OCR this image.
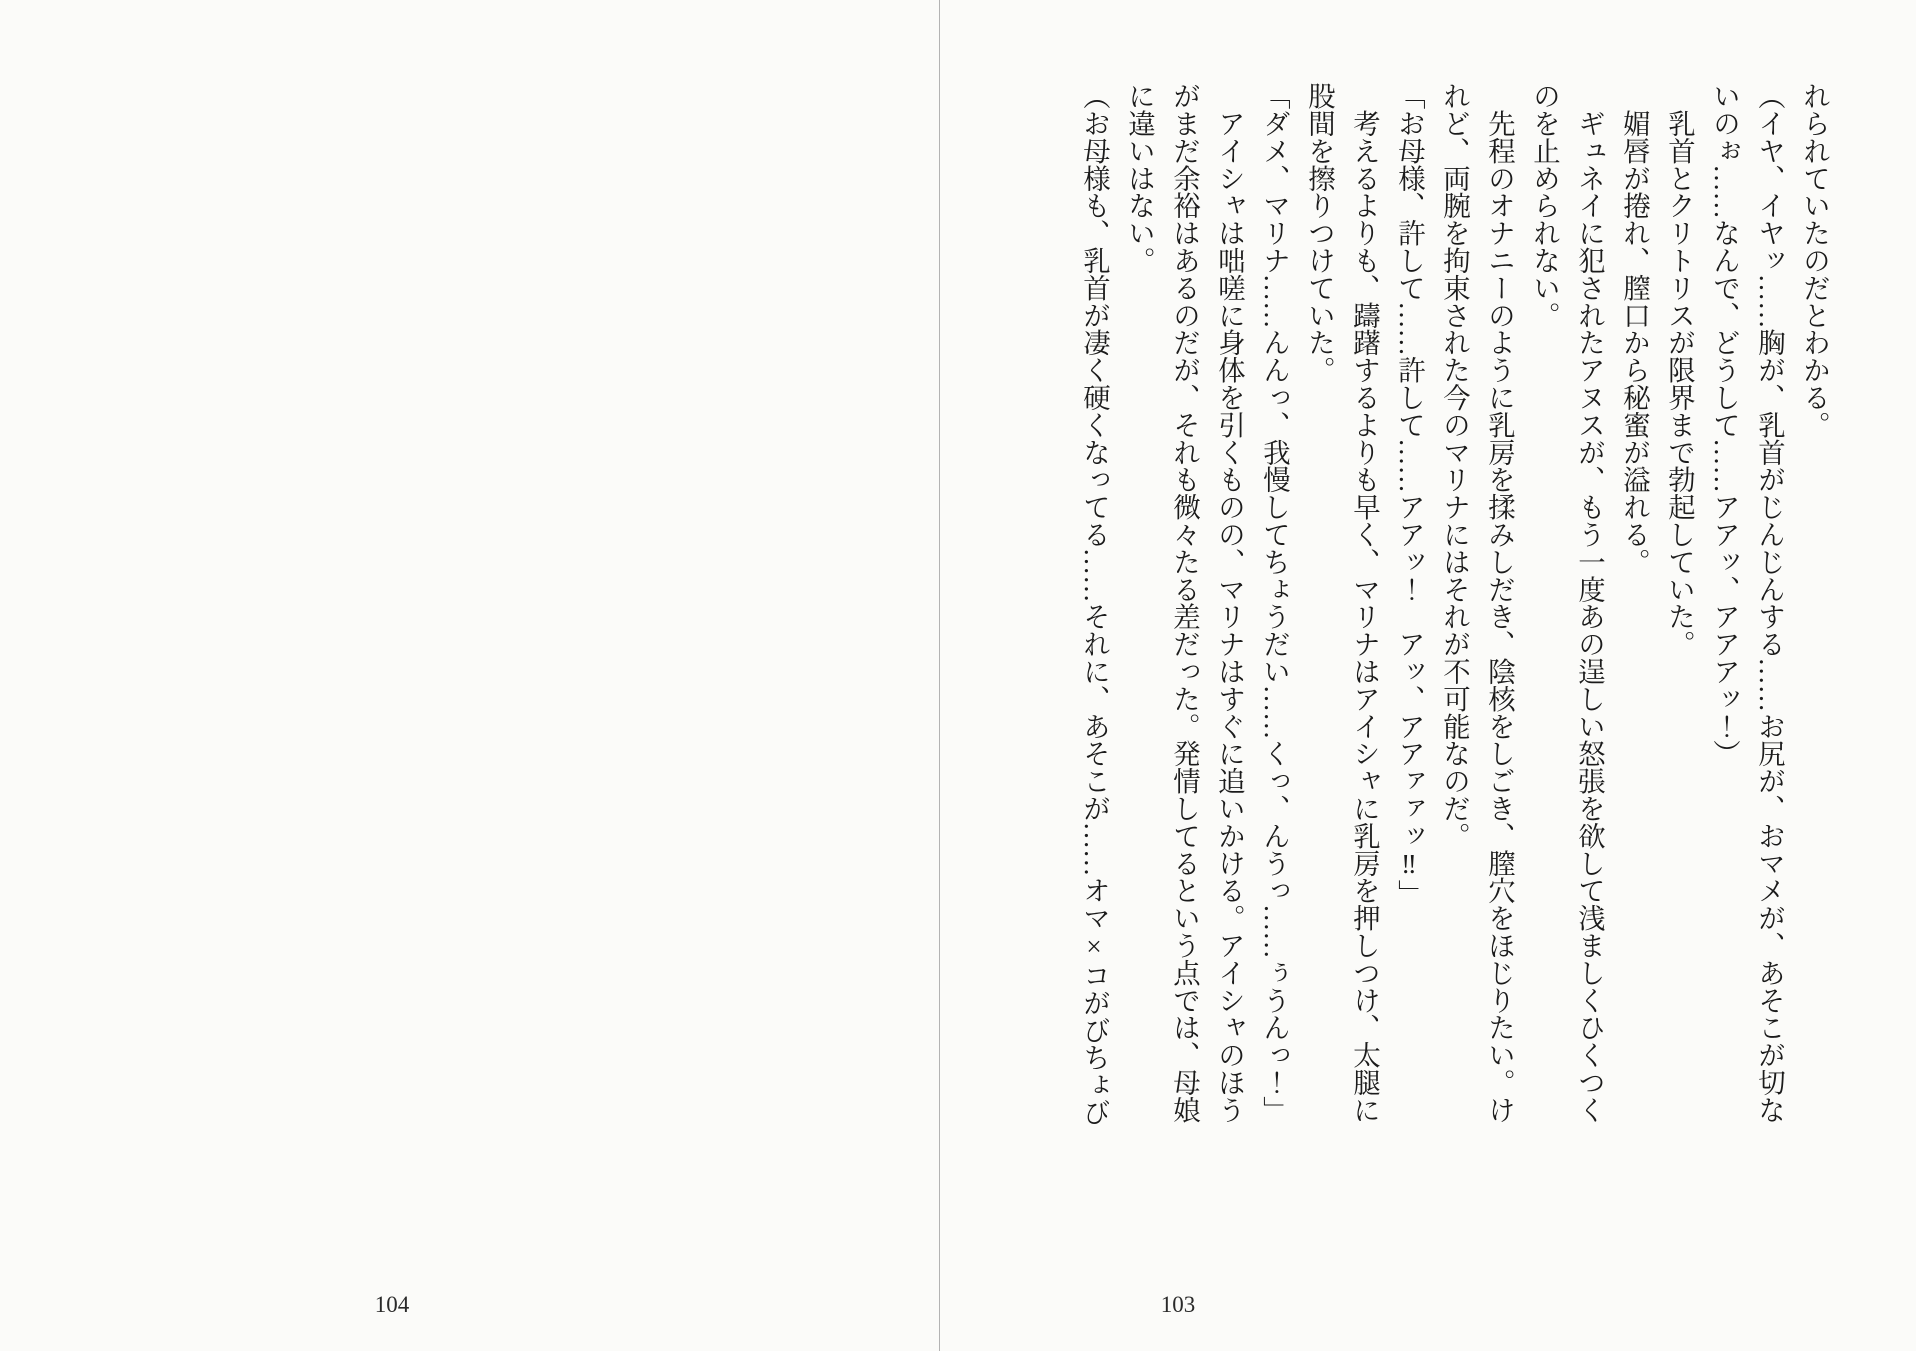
れられていたのだとわかる。

（イヤ、イヤッ……胸が、乳首がじんじんする……お尻が、おマメが、あそこが切な

いのぉ……なんで、どうして……アアッ、アアアッ！）

　乳首とクリトリスが限界まで勃起していた。

　媚唇が捲れ、膣口から秘蜜が溢れる。

　ギュネイに犯されたアヌスが、もう一度あの逞しい怒張を欲して浅ましくひくつく

のを止められない。

　先程のオナニーのように乳房を揉みしだき、陰核をしごき、膣穴をほじりたい。け

れど、両腕を拘束された今のマリナにはそれが不可能なのだ。

「お母様、許して……許して……アアッ！　アッ、アアァァッ‼」

　考えるよりも、躊躇するよりも早く、マリナはアイシャに乳房を押しつけ、太腿に

股間を擦りつけていた。

「ダメ、マリナ……んんっ、我慢してちょうだい……くっ、んうっ……ぅうんっ！」

　アイシャは咄嗟に身体を引くものの、マリナはすぐに追いかける。アイシャのほう

がまだ余裕はあるのだが、それも微々たる差だった。発情してるという点では、母娘

に違いはない。

（お母様も、乳首が凄く硬くなってる……それに、あそこが……オマ×コがびちょび

103

104
